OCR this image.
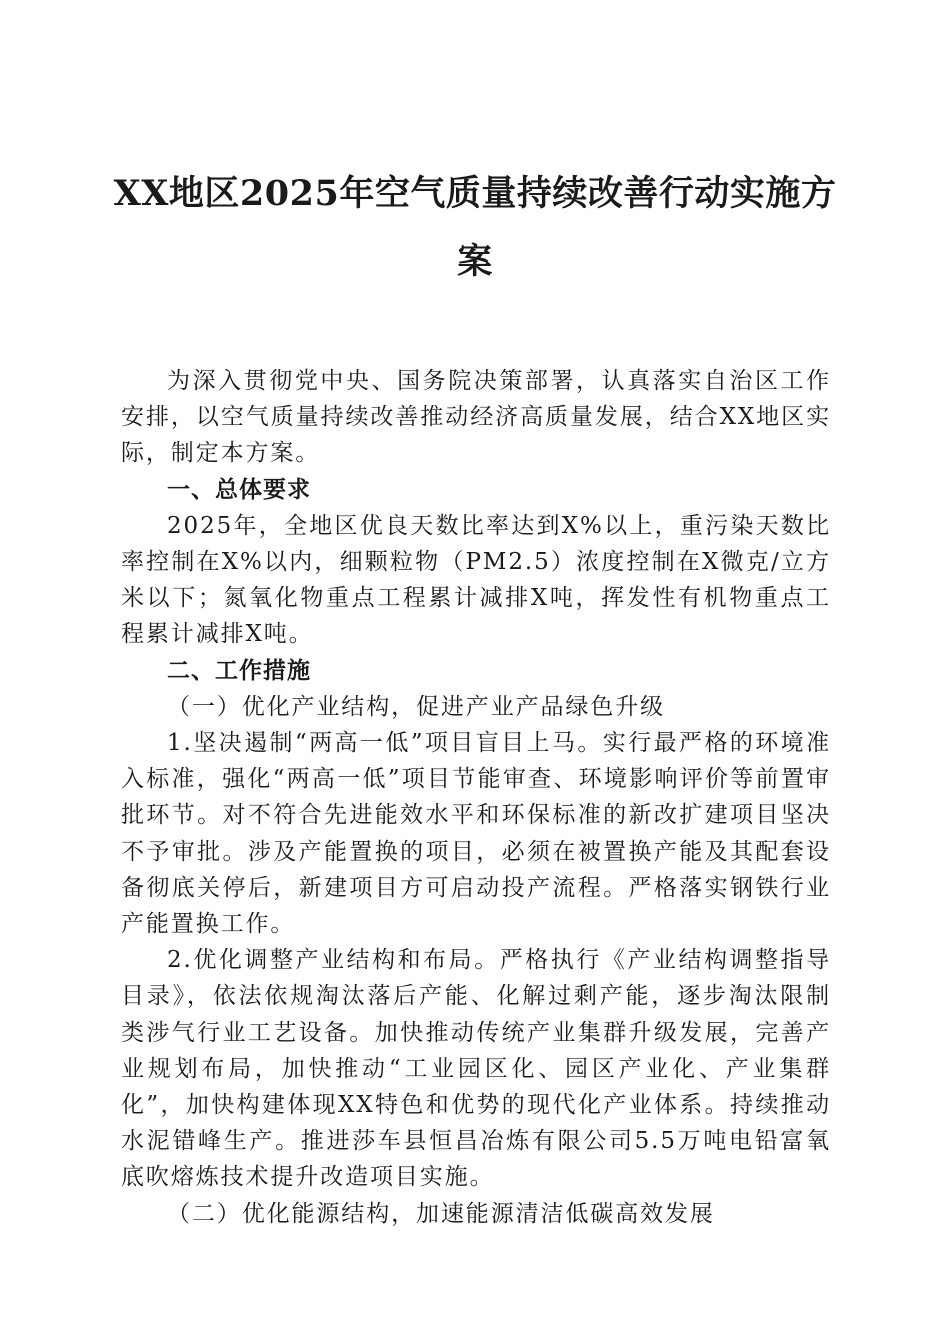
XX地区2025年空气质量持续改善行动实施方
案

为深入贯彻党中央、国务院决策部署，认真落实自治区工作安排，以空气质量持续改善推动经济高质量发展，结合XX地区实际，制定本方案。

一、总体要求

2025年，全地区优良天数比率达到X%以上，重污染天数比率控制在X%以内，细颗粒物（PM2.5）浓度控制在X微克/立方米以下；氮氧化物重点工程累计减排X吨，挥发性有机物重点工程累计减排X吨。

二、工作措施

（一）优化产业结构，促进产业产品绿色升级

1.坚决遏制“两高一低”项目盲目上马。实行最严格的环境准入标准，强化“两高一低”项目节能审查、环境影响评价等前置审批环节。对不符合先进能效水平和环保标准的新改扩建项目坚决不予审批。涉及产能置换的项目，必须在被置换产能及其配套设备彻底关停后，新建项目方可启动投产流程。严格落实钢铁行业产能置换工作。

2.优化调整产业结构和布局。严格执行《产业结构调整指导目录》，依法依规淘汰落后产能、化解过剩产能，逐步淘汰限制类涉气行业工艺设备。加快推动传统产业集群升级发展，完善产业规划布局，加快推动“工业园区化、园区产业化、产业集群化”，加快构建体现XX特色和优势的现代化产业体系。持续推动水泥错峰生产。推进莎车县恒昌冶炼有限公司5.5万吨电铅富氧底吹熔炼技术提升改造项目实施。

（二）优化能源结构，加速能源清洁低碳高效发展
